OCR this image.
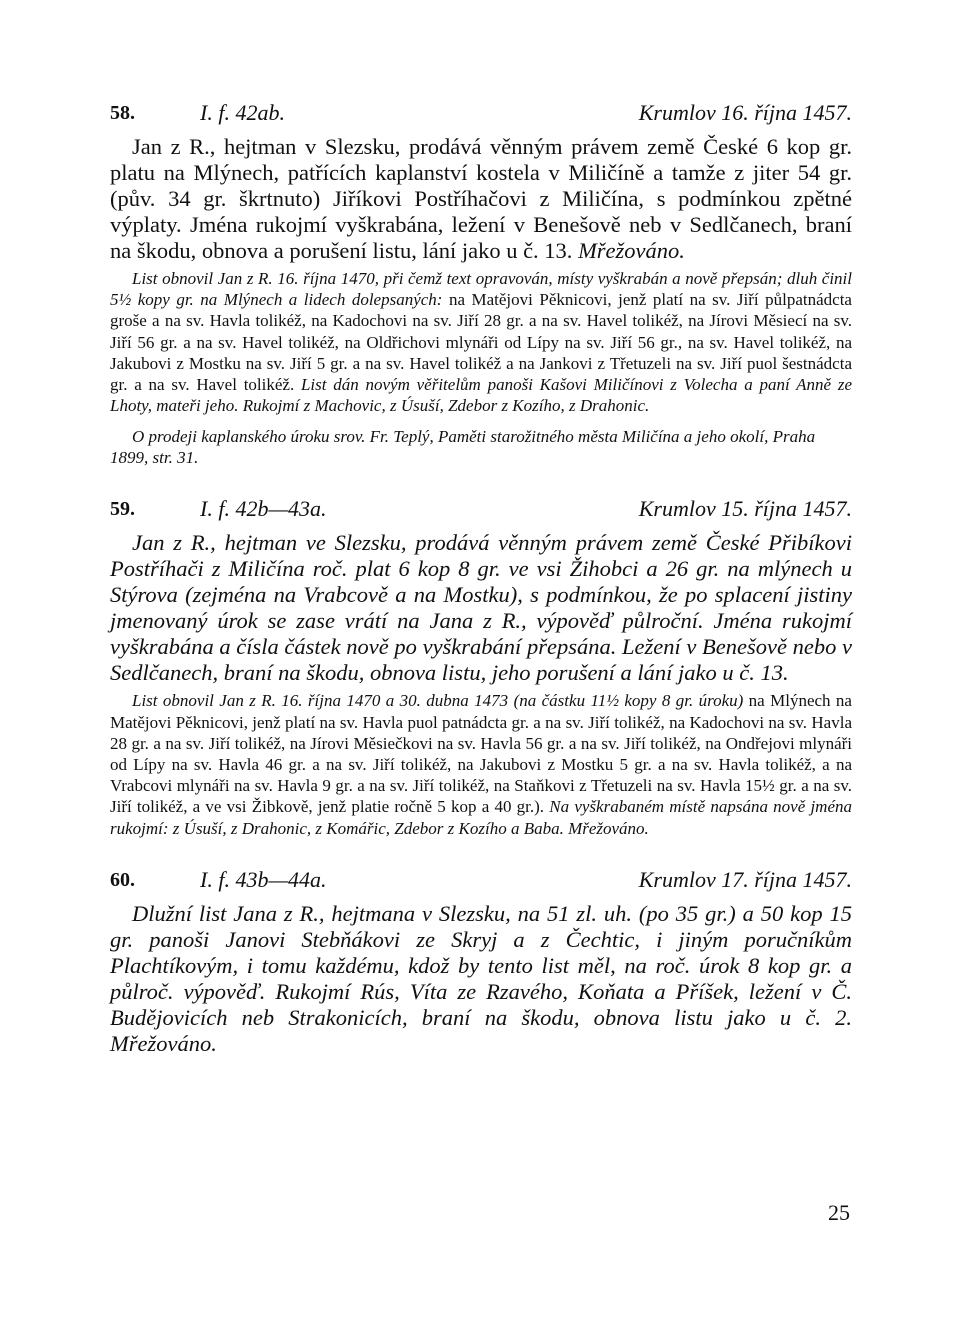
58.	I. f. 42ab.	Krumlov 16. října 1457.

Jan z R., hejtman v Slezsku, prodává věnným právem země České 6 kop gr. platu na Mlýnech, patřících kaplanství kostela v Miličíně a tamže z jiter 54 gr. (pův. 34 gr. škrtnuto) Jiříkovi Postříhačovi z Miličína, s podmínkou zpětné výplaty. Jména rukojmí vyškrabána, ležení v Benešově neb v Sedlčanech, braní na škodu, obnova a porušení listu, lání jako u č. 13. Mřežováno.

List obnovil Jan z R. 16. října 1470, při čemž text opravován, místy vyškrabán a nově přepsán; dluh činil 5½ kopy gr. na Mlýnech a lidech dolepsaných: na Matějovi Pěknicovi, jenž platí na sv. Jiří půlpatnádcta groše a na sv. Havla tolikéž, na Kadochovi na sv. Jiří 28 gr. a na sv. Havel tolikéž, na Jírovi Měsiecí na sv. Jiří 56 gr. a na sv. Havel tolikéž, na Oldřichovi mlynáři od Lípy na sv. Jiří 56 gr., na sv. Havel tolikéž, na Jakubovi z Mostku na sv. Jiří 5 gr. a na sv. Havel tolikéž a na Jankovi z Třetuzeli na sv. Jiří puol šestnádcta gr. a na sv. Havel tolikéž. List dán novým věřitelům panoši Kašovi Miličínovi z Volecha a paní Anně ze Lhoty, mateři jeho. Rukojmí z Machovic, z Úsuší, Zdebor z Kozího, z Drahonic.

O prodeji kaplanského úroku srov. Fr. Teplý, Paměti starožitného města Miličína a jeho okolí, Praha 1899, str. 31.

59.	I. f. 42b—43a.	Krumlov 15. října 1457.

Jan z R., hejtman ve Slezsku, prodává věnným právem země České Přibíkovi Postříhači z Miličína roč. plat 6 kop 8 gr. ve vsi Žihobci a 26 gr. na mlýnech u Stýrova (zejména na Vrabcově a na Mostku), s podmínkou, že po splacení jistiny jmenovaný úrok se zase vrátí na Jana z R., výpověď půlroční. Jména rukojmí vyškrabána a čísla částek nově po vyškrabání přepsána. Ležení v Benešově nebo v Sedlčanech, braní na škodu, obnova listu, jeho porušení a lání jako u č. 13.

List obnovil Jan z R. 16. října 1470 a 30. dubna 1473 (na částku 11½ kopy 8 gr. úroku) na Mlýnech na Matějovi Pěknicovi, jenž platí na sv. Havla puol patnádcta gr. a na sv. Jiří tolikéž, na Kadochovi na sv. Havla 28 gr. a na sv. Jiří tolikéž, na Jírovi Měsiečkovi na sv. Havla 56 gr. a na sv. Jiří tolikéž, na Ondřejovi mlynáři od Lípy na sv. Havla 46 gr. a na sv. Jiří tolikéž, na Jakubovi z Mostku 5 gr. a na sv. Havla tolikéž, a na Vrabcovi mlynáři na sv. Havla 9 gr. a na sv. Jiří tolikéž, na Staňkovi z Třetuzeli na sv. Havla 15½ gr. a na sv. Jiří tolikéž, a ve vsi Žibkově, jenž platie ročně 5 kop a 40 gr.). Na vyškrabaném místě napsána nově jména rukojmí: z Úsuší, z Drahonic, z Komářic, Zdebor z Kozího a Baba. Mřežováno.

60.	I. f. 43b—44a.	Krumlov 17. října 1457.

Dlužní list Jana z R., hejtmana v Slezsku, na 51 zl. uh. (po 35 gr.) a 50 kop 15 gr. panoši Janovi Stebňákovi ze Skryj a z Čechtic, i jiným poručníkům Plachtíkovým, i tomu každému, kdož by tento list měl, na roč. úrok 8 kop gr. a půlroč. výpověď. Rukojmí Rús, Víta ze Rzavého, Koňata a Příšek, ležení v Č. Budějovicích neb Strakonicích, braní na škodu, obnova listu jako u č. 2. Mřežováno.

25
